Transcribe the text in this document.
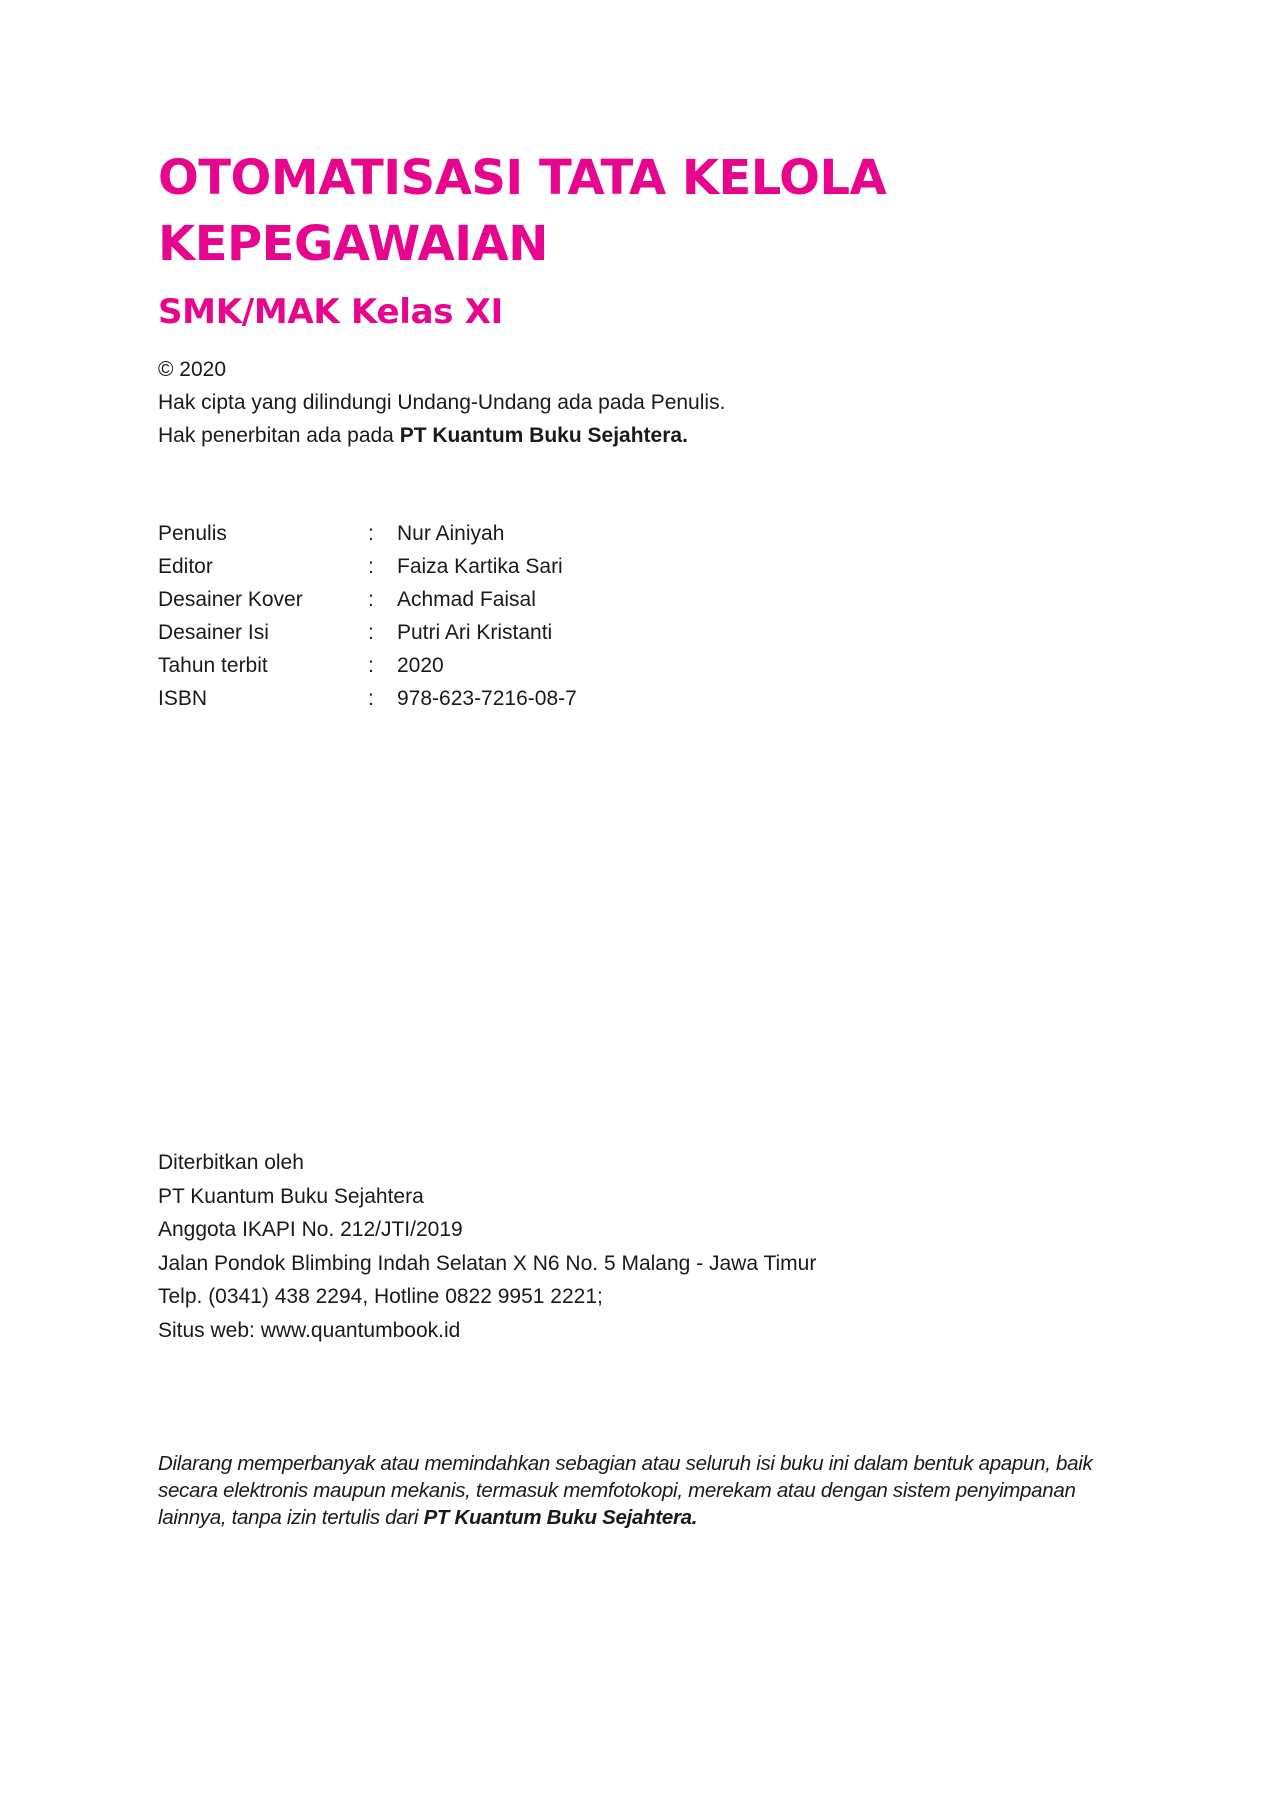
OTOMATISASI TATA KELOLA
KEPEGAWAIAN
SMK/MAK Kelas XI
© 2020
Hak cipta yang dilindungi Undang-Undang ada pada Penulis.
Hak penerbitan ada pada PT Kuantum Buku Sejahtera.
Penulis	:	Nur Ainiyah
Editor	:	Faiza Kartika Sari
Desainer Kover	:	Achmad Faisal
Desainer Isi	:	Putri Ari Kristanti
Tahun terbit	:	2020
ISBN	:	978-623-7216-08-7
Diterbitkan oleh
PT Kuantum Buku Sejahtera
Anggota IKAPI No. 212/JTI/2019
Jalan Pondok Blimbing Indah Selatan X N6 No. 5 Malang - Jawa Timur
Telp. (0341) 438 2294, Hotline 0822 9951 2221;
Situs web: www.quantumbook.id
Dilarang memperbanyak atau memindahkan sebagian atau seluruh isi buku ini dalam bentuk apapun, baik
secara elektronis maupun mekanis, termasuk memfotokopi, merekam atau dengan sistem penyimpanan
lainnya, tanpa izin tertulis dari PT Kuantum Buku Sejahtera.
